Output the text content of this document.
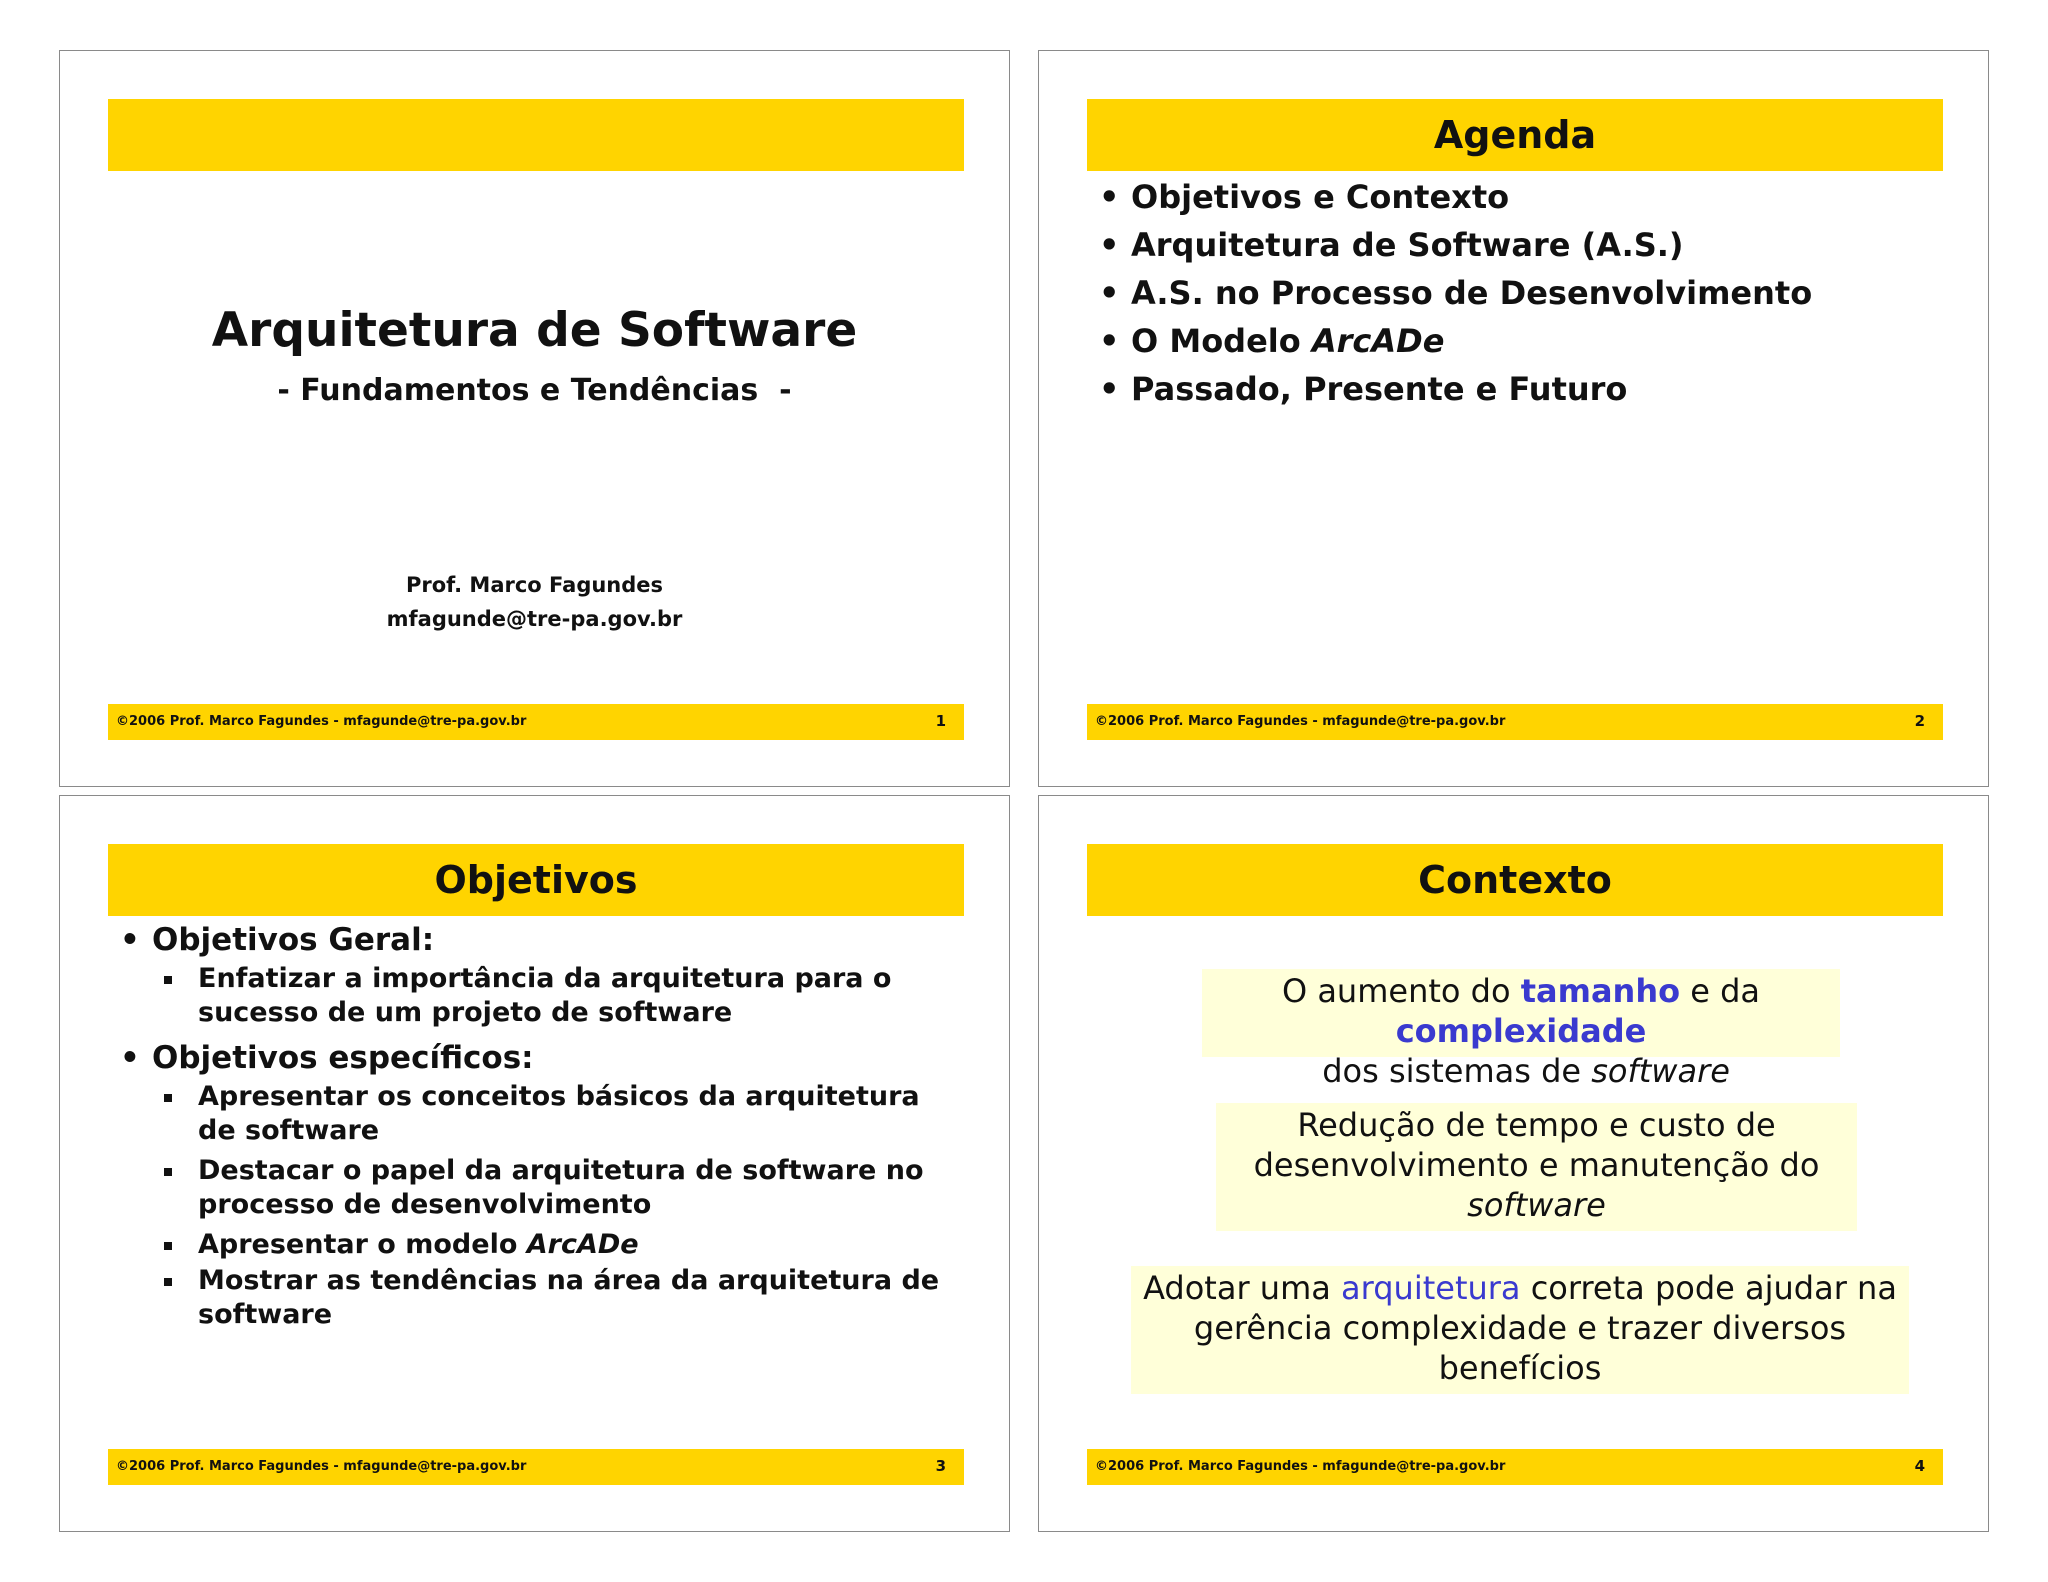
Arquitetura de Software
- Fundamentos e Tendências  -
Prof. Marco Fagundes
mfagunde@tre-pa.gov.br
©2006 Prof. Marco Fagundes - mfagunde@tre-pa.gov.br	1
Agenda
• Objetivos e Contexto
• Arquitetura de Software (A.S.)
• A.S. no Processo de Desenvolvimento
• O Modelo ArcADe
• Passado, Presente e Futuro
©2006 Prof. Marco Fagundes - mfagunde@tre-pa.gov.br	2
Objetivos
• Objetivos Geral:
Enfatizar a importância da arquitetura para o sucesso de um projeto de software
• Objetivos específicos:
Apresentar os conceitos básicos da arquitetura de software
Destacar o papel da arquitetura de software no processo de desenvolvimento
Apresentar o modelo ArcADe
Mostrar as tendências na área da arquitetura de software
©2006 Prof. Marco Fagundes - mfagunde@tre-pa.gov.br	3
Contexto
O aumento do tamanho e da
complexidade dos sistemas de software
Redução de tempo e custo de
desenvolvimento e manutenção do
software
Adotar uma arquitetura correta pode ajudar na
gerência complexidade e trazer diversos
benefícios
©2006 Prof. Marco Fagundes - mfagunde@tre-pa.gov.br	4
